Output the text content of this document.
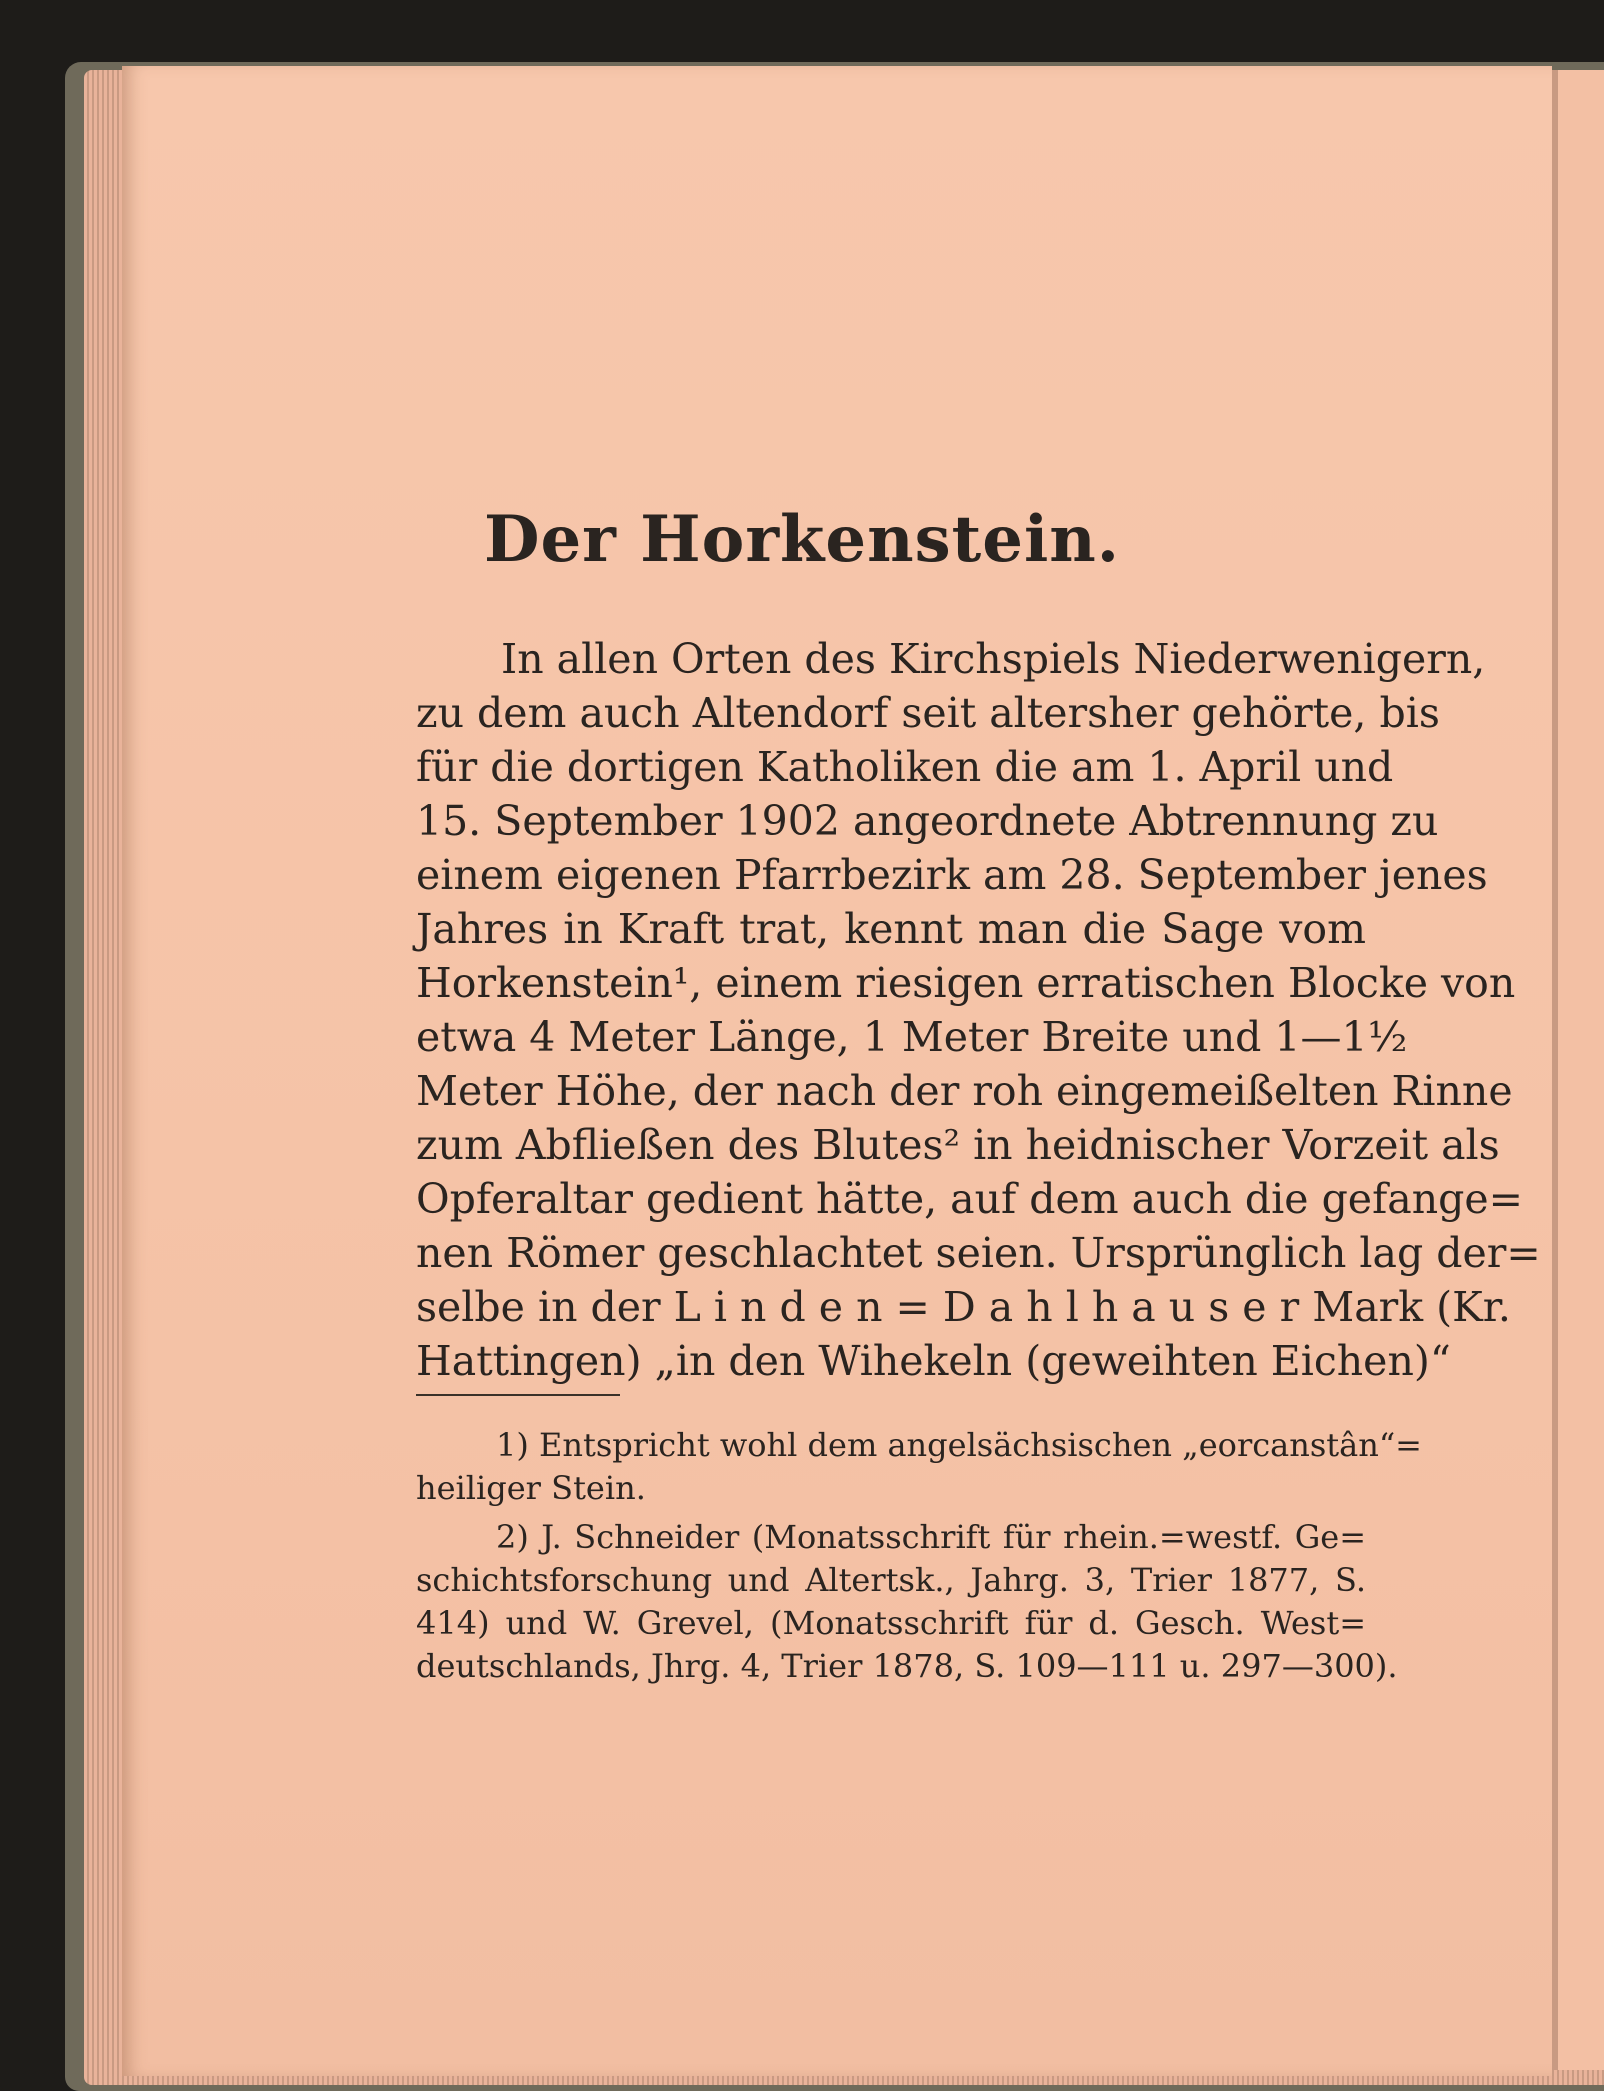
Der Horkenstein.
In allen Orten des Kirchspiels Niederwenigern,
zu dem auch Altendorf seit altersher gehörte, bis
für die dortigen Katholiken die am 1. April und
15. September 1902 angeordnete Abtrennung zu
einem eigenen Pfarrbezirk am 28. September jenes
Jahres in Kraft trat, kennt man die Sage vom
Horkenstein¹, einem riesigen erratischen Blocke von
etwa 4 Meter Länge, 1 Meter Breite und 1—1½
Meter Höhe, der nach der roh eingemeißelten Rinne
zum Abfließen des Blutes² in heidnischer Vorzeit als
Opferaltar gedient hätte, auf dem auch die gefange=
nen Römer geschlachtet seien. Ursprünglich lag der=
selbe in der L i n d e n = D a h l h a u s e r Mark (Kr.
Hattingen) „in den Wihekeln (geweihten Eichen)“
1) Entspricht wohl dem angelsächsischen „eorcanstân“=
heiliger Stein.
2) J. Schneider (Monatsschrift für rhein.=westf. Ge=
schichtsforschung und Altertsk., Jahrg. 3, Trier 1877, S.
414) und W. Grevel, (Monatsschrift für d. Gesch. West=
deutschlands, Jhrg. 4, Trier 1878, S. 109—111 u. 297—300).
